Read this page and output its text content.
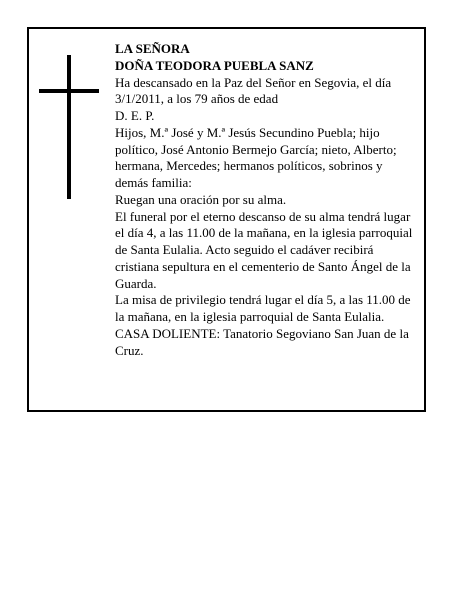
LA SEÑORA

DOÑA TEODORA PUEBLA SANZ

Ha descansado en la Paz del Señor en Segovia, el día 3/1/2011, a los 79 años de edad

D. E. P.

Hijos, M.ª José y M.ª Jesús Secundino Puebla; hijo político, José Antonio Bermejo García; nieto, Alberto; hermana, Mercedes; hermanos políticos, sobrinos y demás familia:

Ruegan una oración por su alma.

El funeral por el eterno descanso de su alma tendrá lugar el día 4, a las 11.00 de la mañana, en la iglesia parroquial de Santa Eulalia. Acto seguido el cadáver recibirá cristiana sepultura en el cementerio de Santo Ángel de la Guarda.

La misa de privilegio tendrá lugar el día 5, a las 11.00 de la mañana, en la iglesia parroquial de Santa Eulalia.

CASA DOLIENTE: Tanatorio Segoviano San Juan de la Cruz.
